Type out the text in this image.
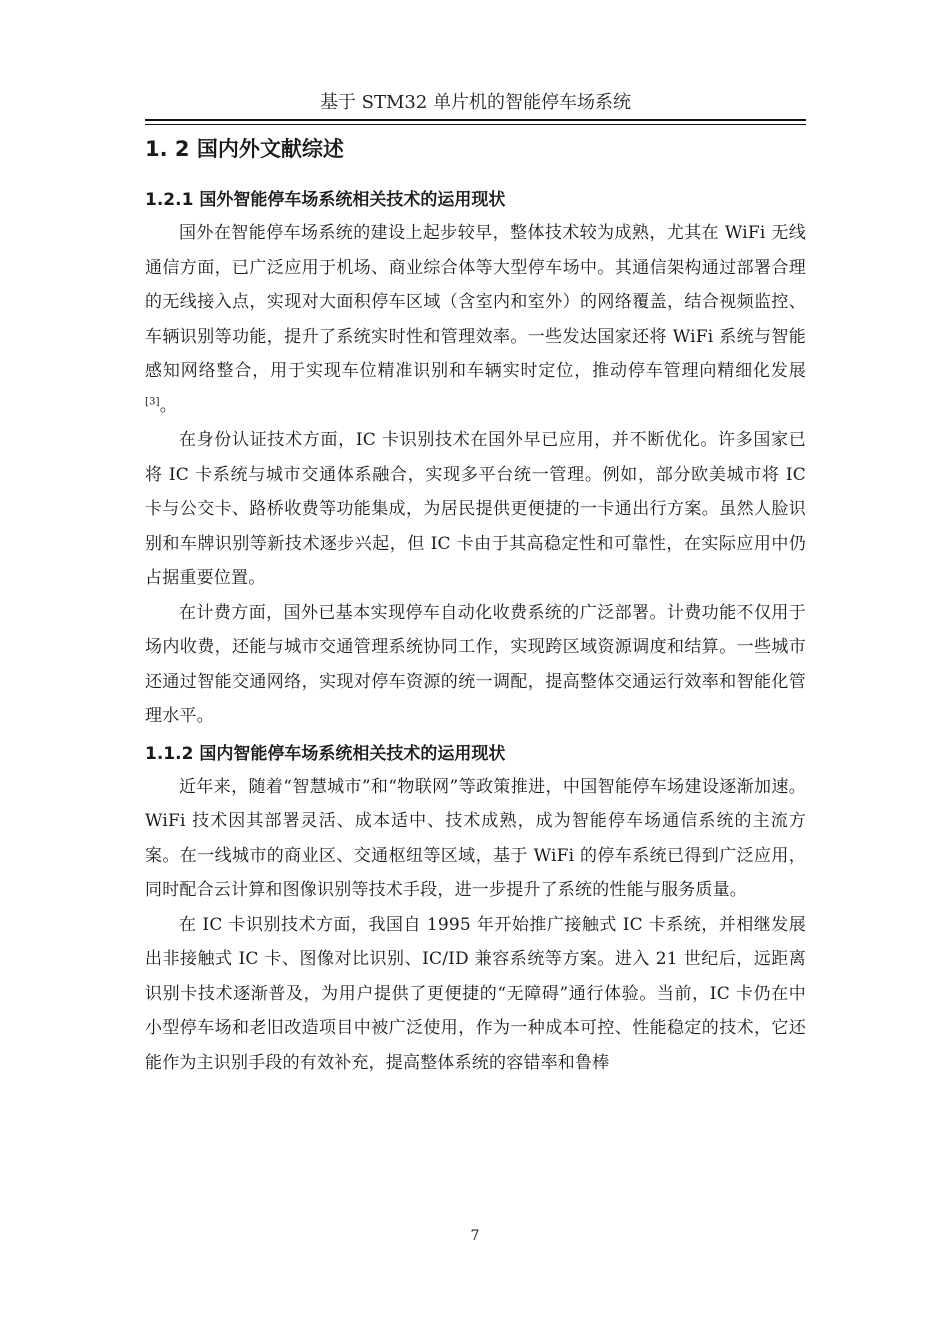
基于 STM32 单片机的智能停车场系统
1. 2 国内外文献综述
1.2.1 国外智能停车场系统相关技术的运用现状

国外在智能停车场系统的建设上起步较早，整体技术较为成熟，尤其在 WiFi 无线通信方面，已广泛应用于机场、商业综合体等大型停车场中。其通信架构通过部署合理的无线接入点，实现对大面积停车区域（含室内和室外）的网络覆盖，结合视频监控、车辆识别等功能，提升了系统实时性和管理效率。一些发达国家还将 WiFi 系统与智能感知网络整合，用于实现车位精准识别和车辆实时定位，推动停车管理向精细化发展[3]。

在身份认证技术方面，IC 卡识别技术在国外早已应用，并不断优化。许多国家已将 IC 卡系统与城市交通体系融合，实现多平台统一管理。例如，部分欧美城市将 IC 卡与公交卡、路桥收费等功能集成，为居民提供更便捷的一卡通出行方案。虽然人脸识别和车牌识别等新技术逐步兴起，但 IC 卡由于其高稳定性和可靠性，在实际应用中仍占据重要位置。

在计费方面，国外已基本实现停车自动化收费系统的广泛部署。计费功能不仅用于场内收费，还能与城市交通管理系统协同工作，实现跨区域资源调度和结算。一些城市还通过智能交通网络，实现对停车资源的统一调配，提高整体交通运行效率和智能化管理水平。

1.1.2 国内智能停车场系统相关技术的运用现状

近年来，随着“智慧城市”和“物联网”等政策推进，中国智能停车场建设逐渐加速。WiFi 技术因其部署灵活、成本适中、技术成熟，成为智能停车场通信系统的主流方案。在一线城市的商业区、交通枢纽等区域，基于 WiFi 的停车系统已得到广泛应用，同时配合云计算和图像识别等技术手段，进一步提升了系统的性能与服务质量。

在 IC 卡识别技术方面，我国自 1995 年开始推广接触式 IC 卡系统，并相继发展出非接触式 IC 卡、图像对比识别、IC/ID 兼容系统等方案。进入 21 世纪后，远距离识别卡技术逐渐普及，为用户提供了更便捷的“无障碍”通行体验。当前，IC 卡仍在中小型停车场和老旧改造项目中被广泛使用，作为一种成本可控、性能稳定的技术，它还能作为主识别手段的有效补充，提高整体系统的容错率和鲁棒

7
